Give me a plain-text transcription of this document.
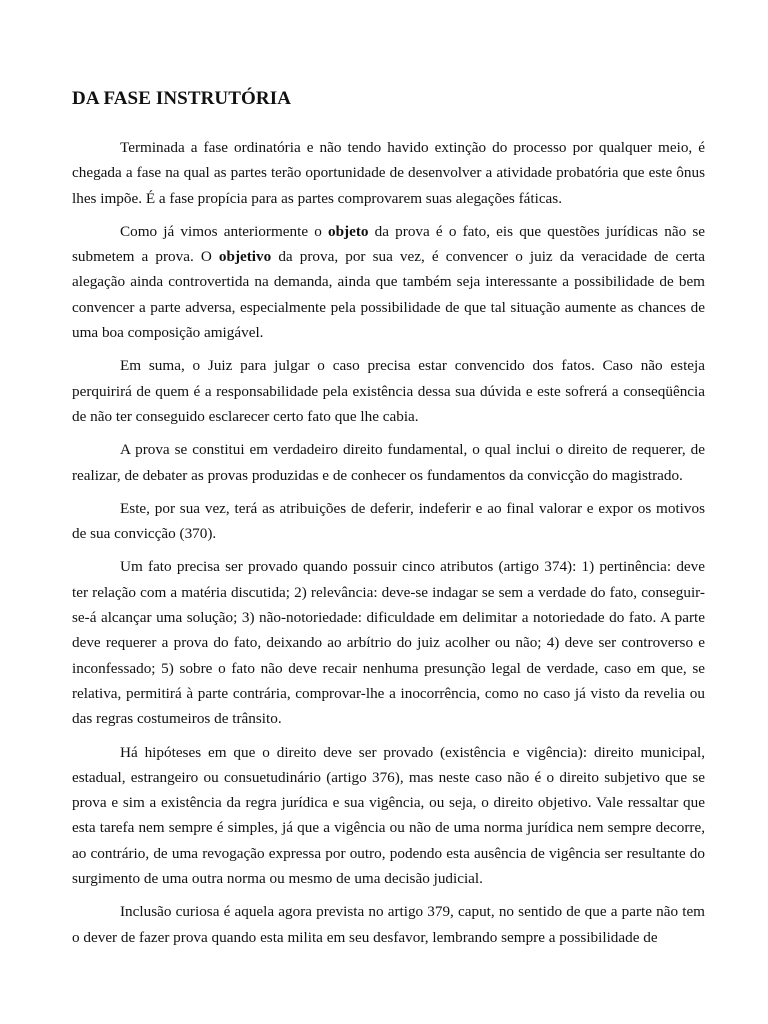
DA FASE INSTRUTÓRIA

Terminada a fase ordinatória e não tendo havido extinção do processo por qualquer meio, é chegada a fase na qual as partes terão oportunidade de desenvolver a atividade probatória que este ônus lhes impõe. É a fase propícia para as partes comprovarem suas alegações fáticas.

Como já vimos anteriormente o objeto da prova é o fato, eis que questões jurídicas não se submetem a prova. O objetivo da prova, por sua vez, é convencer o juiz da veracidade de certa alegação ainda controvertida na demanda, ainda que também seja interessante a possibilidade de bem convencer a parte adversa, especialmente pela possibilidade de que tal situação aumente as chances de uma boa composição amigável.

Em suma, o Juiz para julgar o caso precisa estar convencido dos fatos. Caso não esteja perquirirá de quem é a responsabilidade pela existência dessa sua dúvida e este sofrerá a conseqüência de não ter conseguido esclarecer certo fato que lhe cabia.

A prova se constitui em verdadeiro direito fundamental, o qual inclui o direito de requerer, de realizar, de debater as provas produzidas e de conhecer os fundamentos da convicção do magistrado.

Este, por sua vez, terá as atribuições de deferir, indeferir e ao final valorar e expor os motivos de sua convicção (370).

Um fato precisa ser provado quando possuir cinco atributos (artigo 374): 1) pertinência: deve ter relação com a matéria discutida; 2) relevância: deve-se indagar se sem a verdade do fato, conseguir-se-á alcançar uma solução; 3) não-notoriedade: dificuldade em delimitar a notoriedade do fato. A parte deve requerer a prova do fato, deixando ao arbítrio do juiz acolher ou não; 4) deve ser controverso e inconfessado; 5) sobre o fato não deve recair nenhuma presunção legal de verdade, caso em que, se relativa, permitirá à parte contrária, comprovar-lhe a inocorrência, como no caso já visto da revelia ou das regras costumeiros de trânsito.

Há hipóteses em que o direito deve ser provado (existência e vigência): direito municipal, estadual, estrangeiro ou consuetudinário (artigo 376), mas neste caso não é o direito subjetivo que se prova e sim a existência da regra jurídica e sua vigência, ou seja, o direito objetivo. Vale ressaltar que esta tarefa nem sempre é simples, já que a vigência ou não de uma norma jurídica nem sempre decorre, ao contrário, de uma revogação expressa por outro, podendo esta ausência de vigência ser resultante do surgimento de uma outra norma ou mesmo de uma decisão judicial.

Inclusão curiosa é aquela agora prevista no artigo 379, caput, no sentido de que a parte não tem o dever de fazer prova quando esta milita em seu desfavor, lembrando sempre a possibilidade de
